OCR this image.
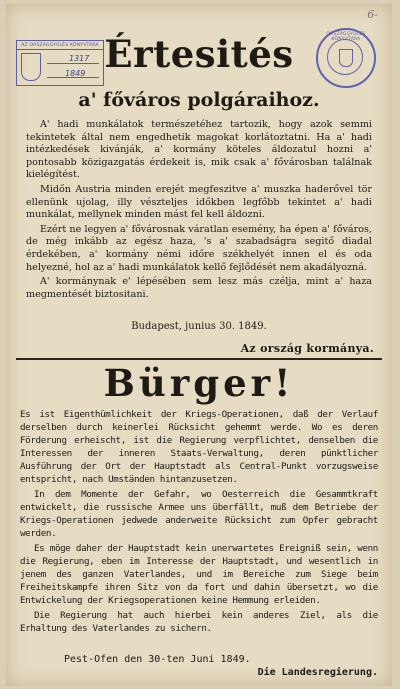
6-
AZ ORSZÁGGYŰLÉS KÖNYVTÁRA
1317
1849
ORSZÁGGYŰLÉS KÖNYVTÁRA
Értesités
a' főváros polgáraihoz.

A' hadi munkálatok természetéhez tartozik, hogy azok semmi tekintetek által nem engedhetik magokat korlátoztatni. Ha a' hadi intézkedések kivánják, a' kormány köteles áldozatul hozni a' pontosabb közigazgatás érdekeit is, mik csak a' fővárosban találnak kielégítést.

Midőn Austria minden erejét megfeszitve a' muszka haderővel tör ellenünk ujolag, illy vészteljes időkben legfőbb tekintet a' hadi munkálat, mellynek minden mást fel kell áldozni.

Ezért ne legyen a' fővárosnak váratlan esemény, ha épen a' főváros, de még inkább az egész haza, 's a' szabadságra segitő diadal érdekében, a' kormány némi időre székhelyét innen el és oda helyezné, hol az a' hadi munkálatok kellő fejlődését nem akadályozná.

A' kormánynak e' lépésében sem lesz más czélja, mint a' haza megmentését biztositani.

Budapest, junius 30. 1849.
Az ország kormánya.
Bürger!

Es ist Eigenthümlichkeit der Kriegs-Operationen, daß der Verlauf derselben durch keinerlei Rücksicht gehemmt werde. Wo es deren Förderung erheischt, ist die Regierung verpflichtet, denselben die Interessen der inneren Staats-Verwaltung, deren pünktlicher Ausführung der Ort der Hauptstadt als Central-Punkt vorzugsweise entspricht, nach Umständen hintanzusetzen.

In dem Momente der Gefahr, wo Oesterreich die Gesammtkraft entwickelt, die russische Armee uns überfällt, muß dem Betriebe der Kriegs-Operationen jedwede anderweite Rücksicht zum Opfer gebracht werden.

Es möge daher der Hauptstadt kein unerwartetes Ereigniß sein, wenn die Regierung, eben im Interesse der Hauptstadt, und wesentlich in jenem des ganzen Vaterlandes, und im Bereiche zum Siege beim Freiheitskampfe ihren Sitz von da fort und dahin übersetzt, wo die Entwickelung der Kriegsoperationen keine Hemmung erleiden.

Die Regierung hat auch hierbei kein anderes Ziel, als die Erhaltung des Vaterlandes zu sichern.

Pest-Ofen den 30-ten Juni 1849.
Die Landesregierung.
